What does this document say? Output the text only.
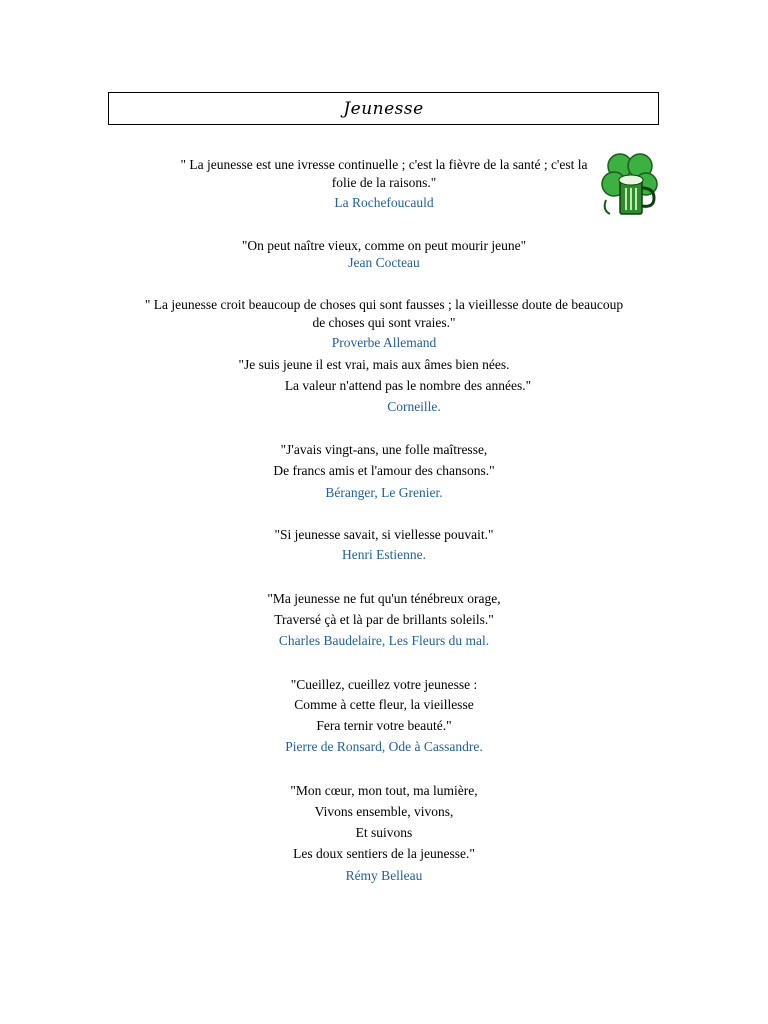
Jeunesse
" La jeunesse est une ivresse continuelle ; c'est la fièvre de la santé ; c'est la
folie de la raisons."
La Rochefoucauld
"On peut naître vieux, comme on peut mourir jeune"
Jean Cocteau
" La jeunesse croit beaucoup de choses qui sont fausses ; la vieillesse doute de beaucoup
de choses qui sont vraies."
Proverbe Allemand
"Je suis jeune il est vrai, mais aux âmes bien nées.
La valeur n'attend pas le nombre des années."
Corneille.
"J'avais vingt-ans, une folle maîtresse,
De francs amis et l'amour des chansons."
Béranger, Le Grenier.
"Si jeunesse savait, si viellesse pouvait."
Henri Estienne.
"Ma jeunesse ne fut qu'un ténébreux orage,
Traversé çà et là par de brillants soleils."
Charles Baudelaire, Les Fleurs du mal.
"Cueillez, cueillez votre jeunesse :
Comme à cette fleur, la vieillesse
Fera ternir votre beauté."
Pierre de Ronsard, Ode à Cassandre.
"Mon cœur, mon tout, ma lumière,
Vivons ensemble, vivons,
Et suivons
Les doux sentiers de la jeunesse."
Rémy Belleau
